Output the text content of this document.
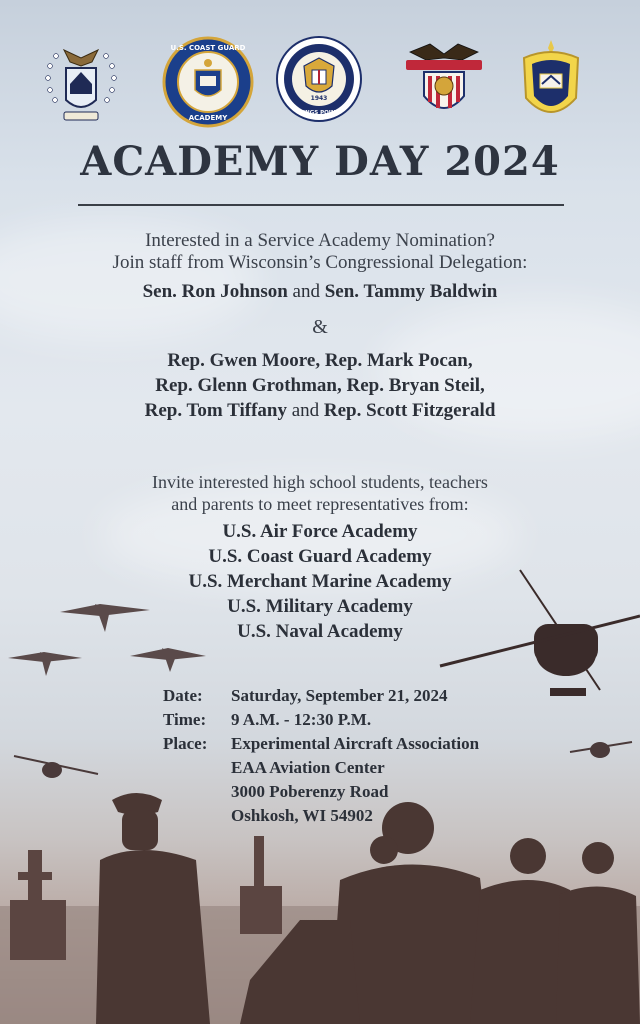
U.S. COAST GUARD
ACADEMY
1943
KINGS POINT
ACADEMY DAY 2024
Interested in a Service Academy Nomination?
Join staff from Wisconsin’s Congressional Delegation:
Sen. Ron Johnson and Sen. Tammy Baldwin
&
Rep. Gwen Moore, Rep. Mark Pocan,
Rep. Glenn Grothman, Rep. Bryan Steil,
Rep. Tom Tiffany and Rep. Scott Fitzgerald
Invite interested high school students, teachers
and parents to meet representatives from:
U.S. Air Force Academy
U.S. Coast Guard Academy
U.S. Merchant Marine Academy
U.S. Military Academy
U.S. Naval Academy
Date:	Saturday, September 21, 2024
Time:	9 A.M. - 12:30 P.M.
Place:	Experimental Aircraft Association
EAA Aviation Center
3000 Poberenzy Road
Oshkosh, WI 54902
